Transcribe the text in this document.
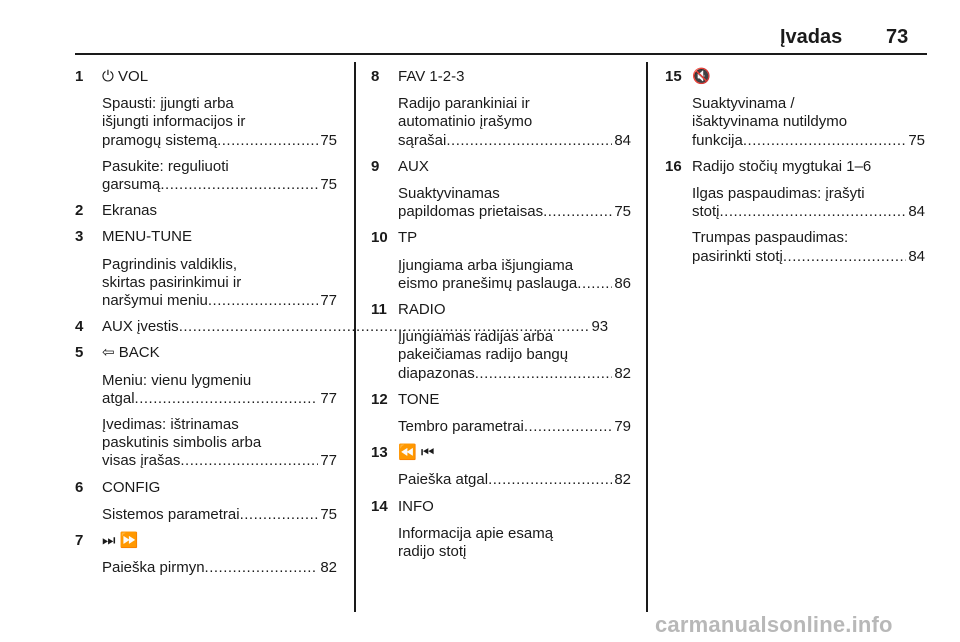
Įvadas 73
1	⏻ VOL

Spausti: įjungti arba
išjungti informacijos ir
pramogų sistemą .....	75

Pasukite: reguliuoti
garsumą .....	75

2	Ekranas
3	MENU-TUNE

Pagrindinis valdiklis,
skirtas pasirinkimui ir
naršymui meniu .....	77

4	AUX įvestis .....	93
5	⇦ BACK

Meniu: vienu lygmeniu
atgal .....	77

Įvedimas: ištrinamas
paskutinis simbolis arba
visas įrašas .....	77

6	CONFIG

Sistemos parametrai .....	75

7	⏭ ⏩

Paieška pirmyn .....	82

8	FAV 1-2-3

Radijo parankiniai ir
automatinio įrašymo
sąrašai .....	84

9	AUX

Suaktyvinamas
papildomas prietaisas .....	75

10 TP

Įjungiama arba išjungiama
eismo pranešimų paslauga ..... 86

11 RADIO

Įjungiamas radijas arba
pakeičiamas radijo bangų
diapazonas .....	82

12 TONE

Tembro parametrai .....	79

13 ⏪ ⏮

Paieška atgal .....	82

14 INFO

Informacija apie esamą
radijo stotį

15 🔇

Suaktyvinama /
išaktyvinama nutildymo
funkcija .....	75

16 Radijo stočių mygtukai 1–6

Ilgas paspaudimas: įrašyti
stotį .....	84

Trumpas paspaudimas:
pasirinkti stotį .....	84

carmanualsonline.info
